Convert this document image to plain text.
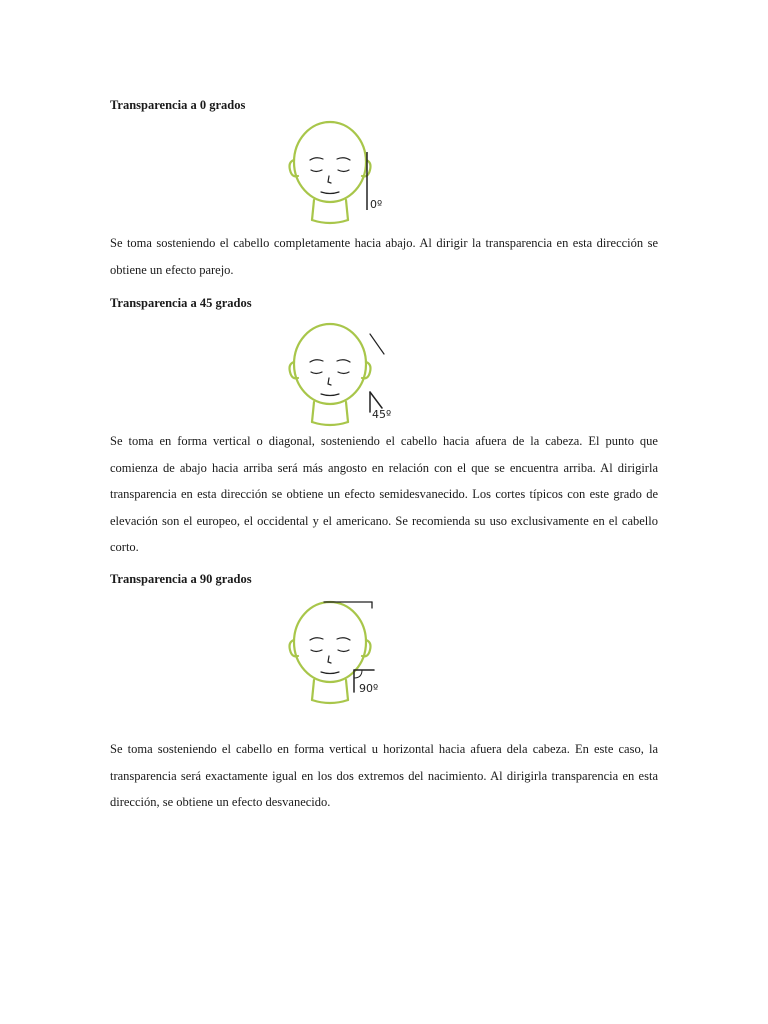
Transparencia a 0 grados
0º

Se toma sosteniendo el cabello completamente hacia abajo. Al dirigir la transparencia en esta dirección se obtiene un efecto parejo.

Transparencia a 45 grados
45º

Se toma en forma vertical o diagonal, sosteniendo el cabello hacia afuera de la cabeza. El punto que comienza de abajo hacia arriba será más angosto en relación con el que se encuentra arriba. Al dirigirla transparencia en esta dirección se obtiene un efecto semidesvanecido. Los cortes típicos con este grado de elevación son el europeo, el occidental y el americano. Se recomienda su uso exclusivamente en el cabello corto.

Transparencia a 90 grados
90º

Se toma sosteniendo el cabello en forma vertical u horizontal hacia afuera dela cabeza. En este caso, la transparencia será exactamente igual en los dos extremos del nacimiento. Al dirigirla transparencia en esta dirección, se obtiene un efecto desvanecido.
